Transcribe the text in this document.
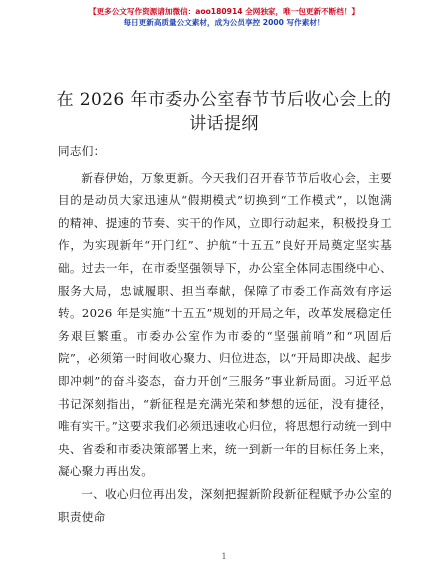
【更多公文写作资源请加微信：aoo180914 全网独家，唯一包更新不断档！】
每日更新高质量公文素材，成为公员享控 2000 写作素材！
在 2026 年市委办公室春节节后收心会上的讲话提纲

同志们：

新春伊始，万象更新。今天我们召开春节节后收心会，主要目的是动员大家迅速从“假期模式”切换到“工作模式”，以饱满的精神、提速的节奏、实干的作风，立即行动起来，积极投身工作，为实现新年“开门红”、护航“十五五”良好开局奠定坚实基础。过去一年，在市委坚强领导下，办公室全体同志围绕中心、服务大局，忠诚履职、担当奉献，保障了市委工作高效有序运转。2026 年是实施“十五五”规划的开局之年，改革发展稳定任务艰巨繁重。市委办公室作为市委的“坚强前哨”和“巩固后院”，必须第一时间收心聚力、归位进态，以“开局即决战、起步即冲刺”的奋斗姿态，奋力开创“三服务”事业新局面。习近平总书记深刻指出，“新征程是充满光荣和梦想的远征，没有捷径，唯有实干。”这要求我们必须迅速收心归位，将思想行动统一到中央、省委和市委决策部署上来，统一到新一年的目标任务上来，凝心聚力再出发。

一、收心归位再出发，深刻把握新阶段新征程赋予办公室的职责使命

1
